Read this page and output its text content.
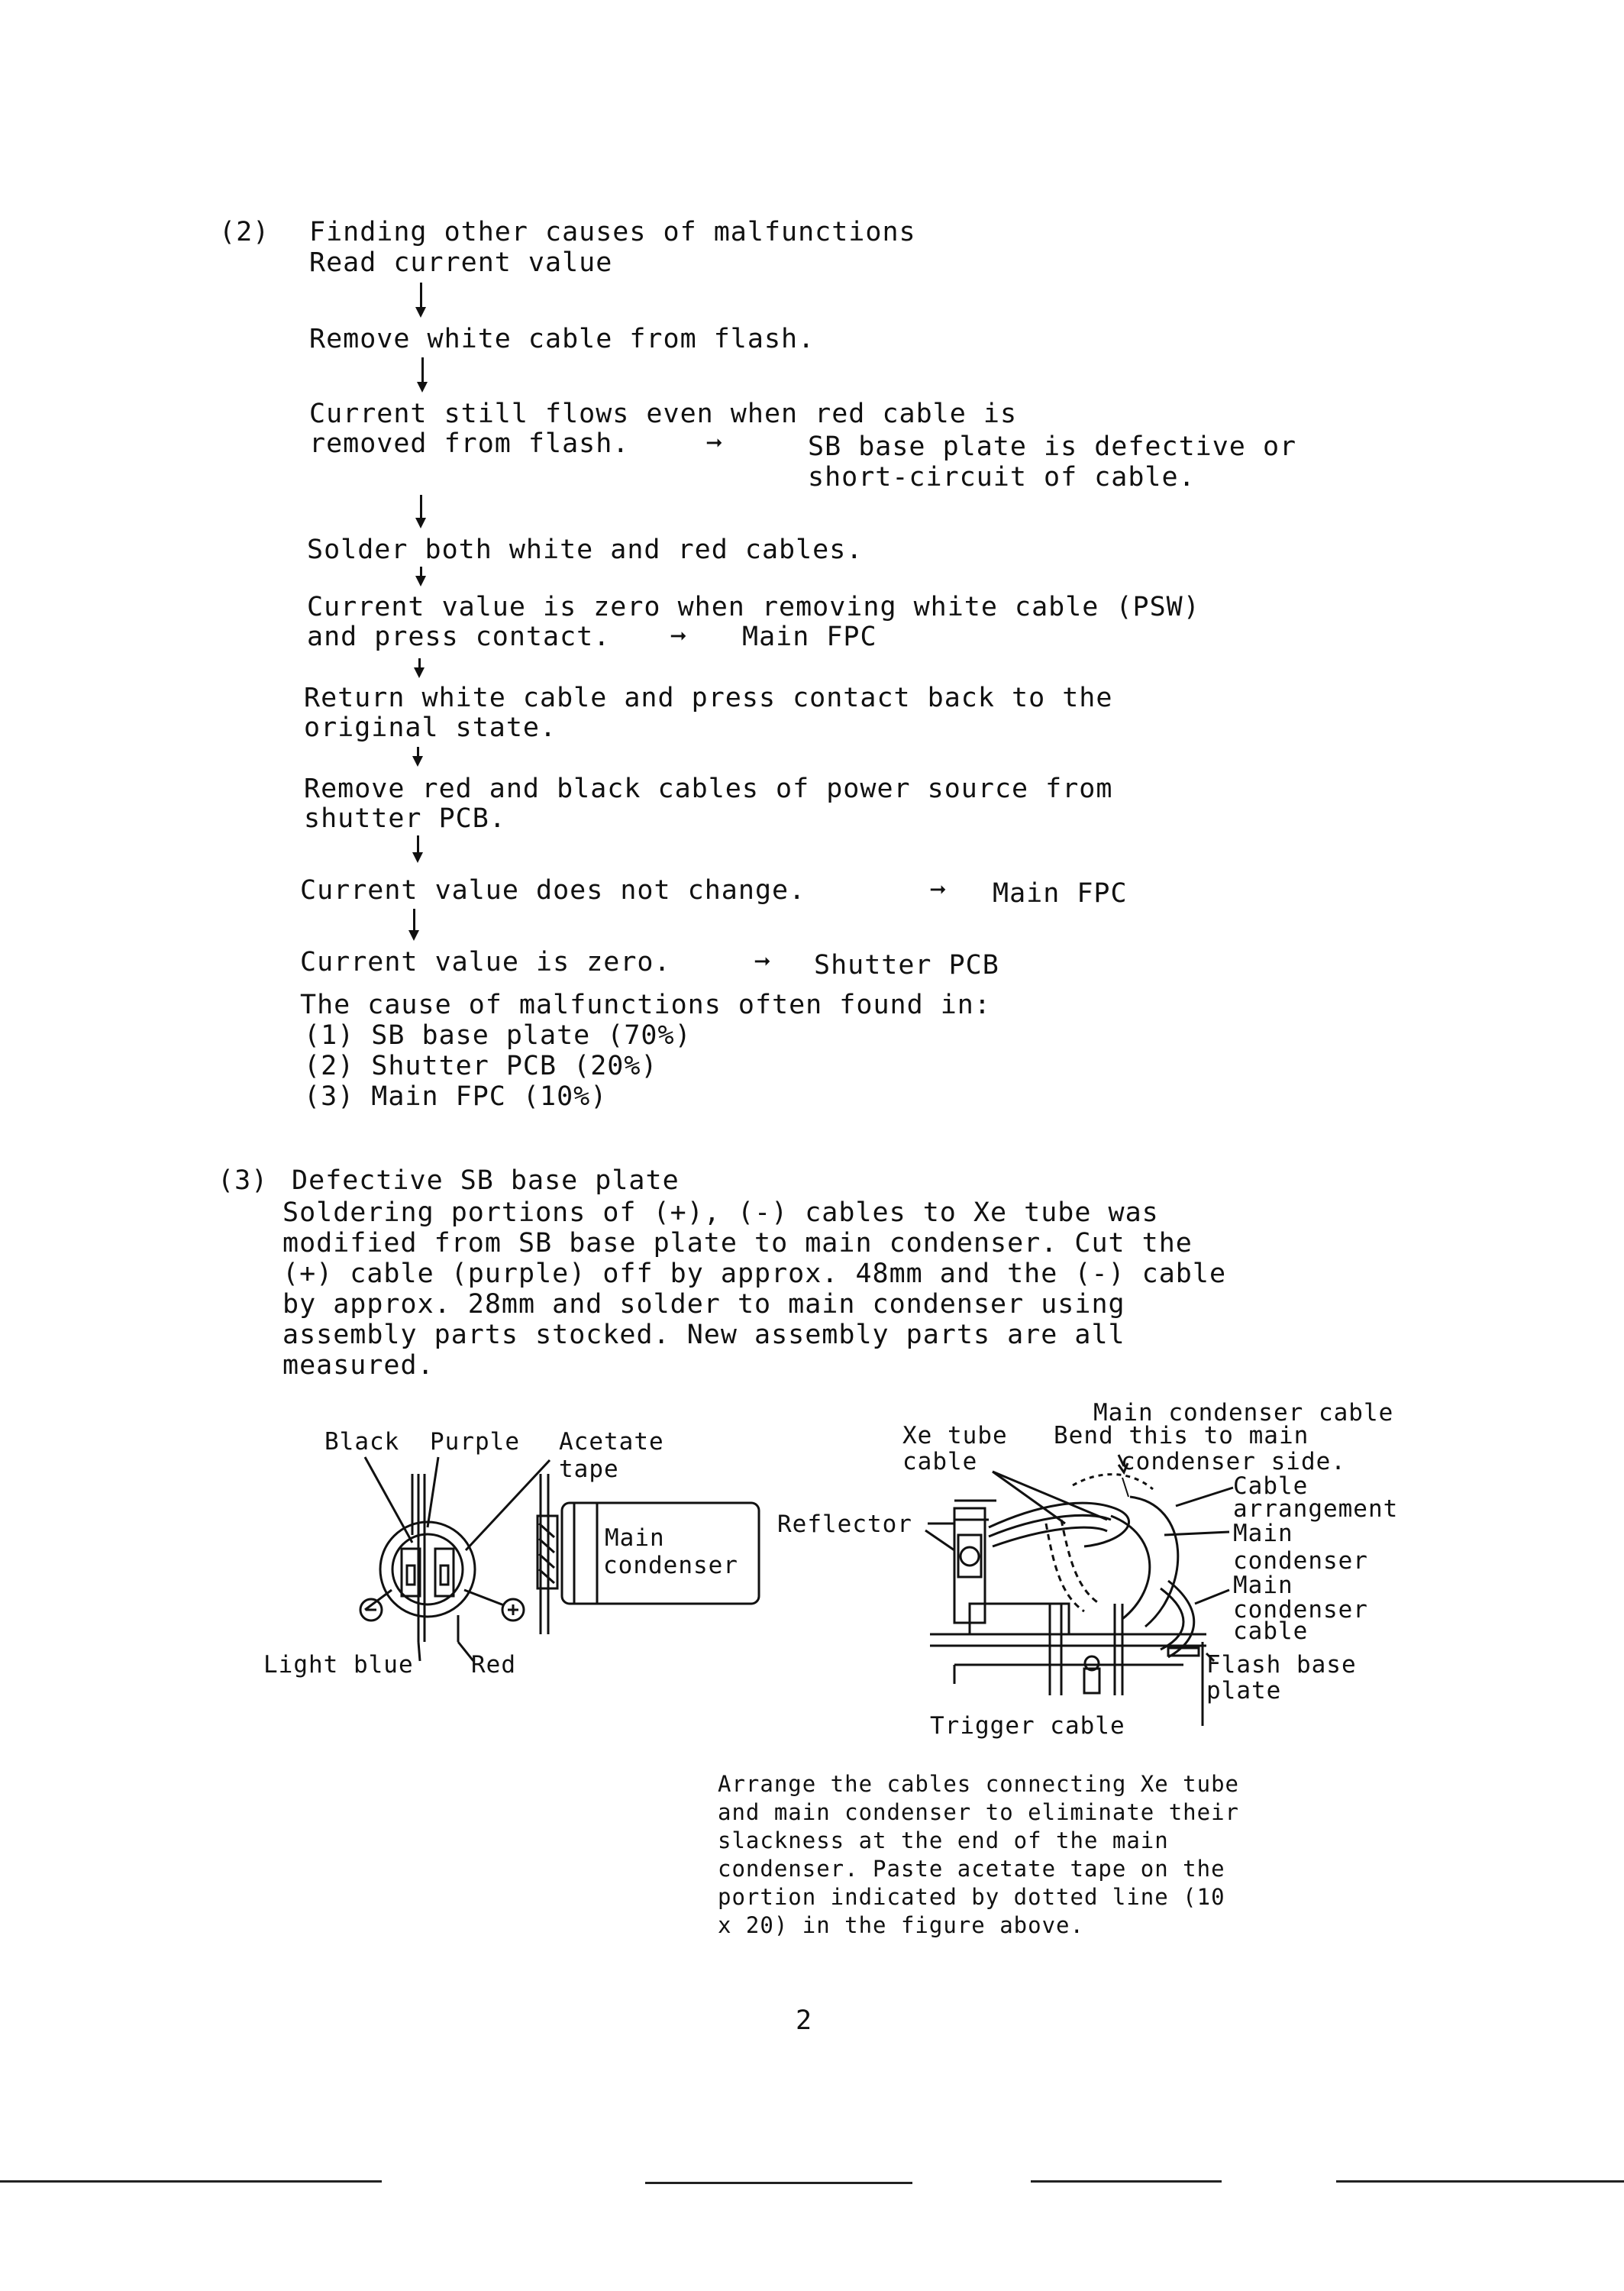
(2) Finding other causes of malfunctions
Read current value
Remove white cable from flash.
Current still flows even when red cable is
removed from flash.	➞	SB base plate is defective or
short-circuit of cable.
Solder both white and red cables.
Current value is zero when removing white cable (PSW)
and press contact. ➞ Main FPC
Return white cable and press contact back to the
original state.
Remove red and black cables of power source from
shutter PCB.
Current value does not change.	➞ Main FPC
Current value is zero.	➞ Shutter PCB
The cause of malfunctions often found in:
(1) SB base plate (70%)
(2) Shutter PCB (20%)
(3) Main FPC (10%)
(3) Defective SB base plate
Soldering portions of (+), (-) cables to Xe tube was
modified from SB base plate to main condenser. Cut the
(+) cable (purple) off by approx. 48mm and the (-) cable
by approx. 28mm and solder to main condenser using
assembly parts stocked. New assembly parts are all
measured.
Black Purple Acetate
tape
Main
condenser
Light blue Red
Main condenser cable
Xe tube
cable
Bend this to main
condenser side.
Reflector
Cable
arrangement
Main
condenser
Main
condenser
cable
Flash base
plate
Trigger cable
Arrange the cables connecting Xe tube
and main condenser to eliminate their
slackness at the end of the main
condenser. Paste acetate tape on the
portion indicated by dotted line (10
x 20) in the figure above.
2
